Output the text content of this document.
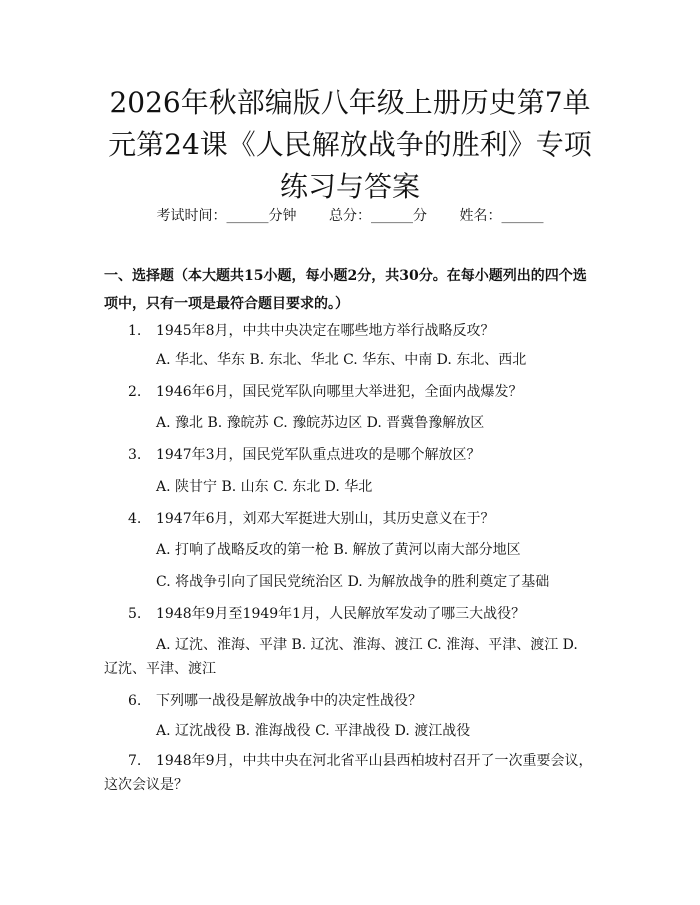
2026年秋部编版八年级上册历史第7单元第24课《人民解放战争的胜利》专项练习与答案
考试时间：______分钟 总分：______分 姓名：______
一、选择题（本大题共15小题，每小题2分，共30分。在每小题列出的四个选项中，只有一项是最符合题目要求的。）
1. 1945年8月，中共中央决定在哪些地方举行战略反攻？
A. 华北、华东 B. 东北、华北 C. 华东、中南 D. 东北、西北
2. 1946年6月，国民党军队向哪里大举进犯，全面内战爆发？
A. 豫北 B. 豫皖苏 C. 豫皖苏边区 D. 晋冀鲁豫解放区
3. 1947年3月，国民党军队重点进攻的是哪个解放区？
A. 陕甘宁 B. 山东 C. 东北 D. 华北
4. 1947年6月，刘邓大军挺进大别山，其历史意义在于？
A. 打响了战略反攻的第一枪 B. 解放了黄河以南大部分地区
C. 将战争引向了国民党统治区 D. 为解放战争的胜利奠定了基础
5. 1948年9月至1949年1月，人民解放军发动了哪三大战役？
A. 辽沈、淮海、平津 B. 辽沈、淮海、渡江 C. 淮海、平津、渡江 D. 辽沈、平津、渡江
6. 下列哪一战役是解放战争中的决定性战役？
A. 辽沈战役 B. 淮海战役 C. 平津战役 D. 渡江战役
7. 1948年9月，中共中央在河北省平山县西柏坡村召开了一次重要会议，这次会议是？
